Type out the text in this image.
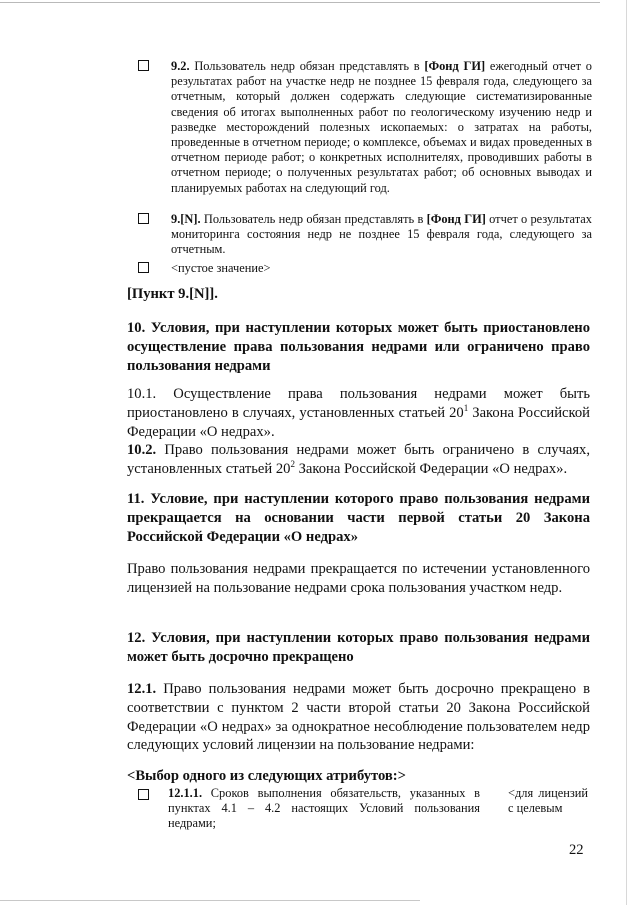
9.2. Пользователь недр обязан представлять в [Фонд ГИ] ежегодный отчет о результатах работ на участке недр не позднее 15 февраля года, следующего за отчетным, который должен содержать следующие систематизированные сведения об итогах выполненных работ по геологическому изучению недр и разведке месторождений полезных ископаемых: о затратах на работы, проведенные в отчетном периоде; о комплексе, объемах и видах проведенных в отчетном периоде работ; о конкретных исполнителях, проводивших работы в отчетном периоде; о полученных результатах работ; об основных выводах и планируемых работах на следующий год.
9.[N]. Пользователь недр обязан представлять в [Фонд ГИ] отчет о результатах мониторинга состояния недр не позднее 15 февраля года, следующего за отчетным.
<пустое значение>
[Пункт 9.[N]].
10. Условия, при наступлении которых может быть приостановлено осуществление права пользования недрами или ограничено право пользования недрами
10.1. Осуществление права пользования недрами может быть приостановлено в случаях, установленных статьей $20^1$ Закона Российской Федерации «О недрах».
10.2. Право пользования недрами может быть ограничено в случаях, установленных статьей $20^2$ Закона Российской Федерации «О недрах».
11. Условие, при наступлении которого право пользования недрами прекращается на основании части первой статьи 20 Закона Российской Федерации «О недрах»
Право пользования недрами прекращается по истечении установленного лицензией на пользование недрами срока пользования участком недр.
12. Условия, при наступлении которых право пользования недрами может быть досрочно прекращено
12.1. Право пользования недрами может быть досрочно прекращено в соответствии с пунктом 2 части второй статьи 20 Закона Российской Федерации «О недрах» за однократное несоблюдение пользователем недр следующих условий лицензии на пользование недрами:
<Выбор одного из следующих атрибутов:>
12.1.1. Сроков выполнения обязательств, указанных в пунктах 4.1 – 4.2 настоящих Условий пользования недрами;
<для лицензий с целевым
22
